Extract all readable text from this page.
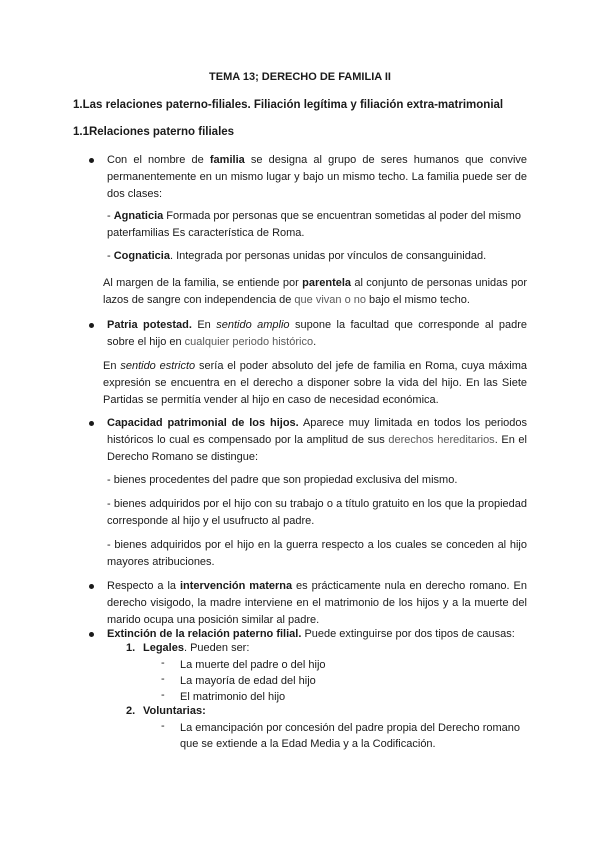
TEMA 13; DERECHO DE FAMILIA II
1.Las relaciones paterno-filiales. Filiación legítima y filiación extra-matrimonial
1.1Relaciones paterno filiales
Con el nombre de familia se designa al grupo de seres humanos que convive permanentemente en un mismo lugar y bajo un mismo techo. La familia puede ser de dos clases:
- Agnaticia Formada por personas que se encuentran sometidas al poder del mismo paterfamilias Es característica de Roma.
- Cognaticia. Integrada por personas unidas por vínculos de consanguinidad.
Al margen de la familia, se entiende por parentela al conjunto de personas unidas por lazos de sangre con independencia de que vivan o no bajo el mismo techo.
Patria potestad. En sentido amplio supone la facultad que corresponde al padre sobre el hijo en cualquier periodo histórico.
En sentido estricto sería el poder absoluto del jefe de familia en Roma, cuya máxima expresión se encuentra en el derecho a disponer sobre la vida del hijo. En las Siete Partidas se permitía vender al hijo en caso de necesidad económica.
Capacidad patrimonial de los hijos. Aparece muy limitada en todos los periodos históricos lo cual es compensado por la amplitud de sus derechos hereditarios. En el Derecho Romano se distingue:
- bienes procedentes del padre que son propiedad exclusiva del mismo.
- bienes adquiridos por el hijo con su trabajo o a título gratuito en los que la propiedad corresponde al hijo y el usufructo al padre.
- bienes adquiridos por el hijo en la guerra respecto a los cuales se conceden al hijo mayores atribuciones.
Respecto a la intervención materna es prácticamente nula en derecho romano. En derecho visigodo, la madre interviene en el matrimonio de los hijos y a la muerte del marido ocupa una posición similar al padre.
Extinción de la relación paterno filial. Puede extinguirse por dos tipos de causas:
1. Legales. Pueden ser:
- La muerte del padre o del hijo
- La mayoría de edad del hijo
- El matrimonio del hijo
2. Voluntarias:
- La emancipación por concesión del padre propia del Derecho romano que se extiende a la Edad Media y a la Codificación.
